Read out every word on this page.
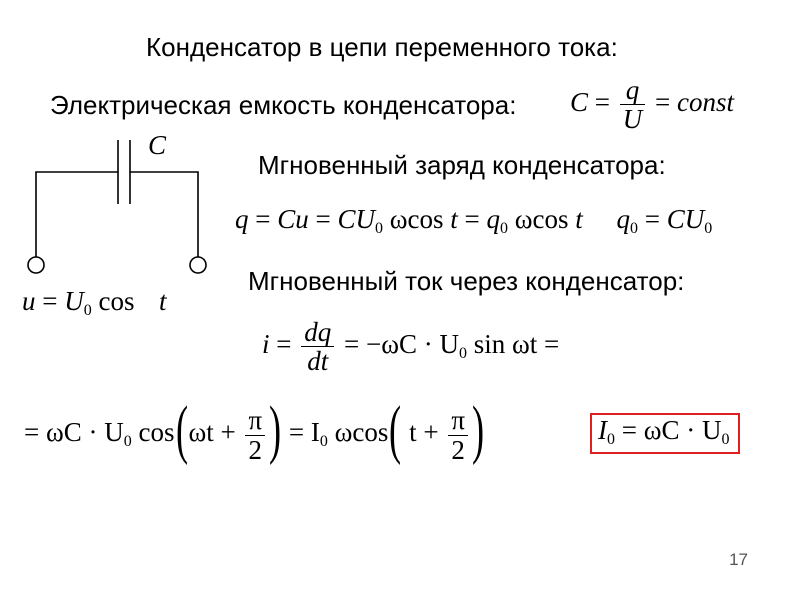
Конденсатор в цепи переменного тока:
Электрическая емкость конденсатора: $C = \frac{q}{U}$ = const
C
$u = U_0$ cos ωt
Мгновенный заряд конденсатора:
$q = Cu = CU_0$ ωcos $t = q_0$ ωcos t $q_0 = CU_0$
Мгновенный ток через конденсатор:
$i = \frac{dq}{dt} = -\omega C \cdot U_0$ sin ωt =
= $\omega C \cdot U_0$ $\cos(\omega t + \frac{\pi}{2}$ ) = $I_0$ ωcos( $t + \frac{\pi}{2}$ )	$I_0 = \omega C \cdot U_0$
17
